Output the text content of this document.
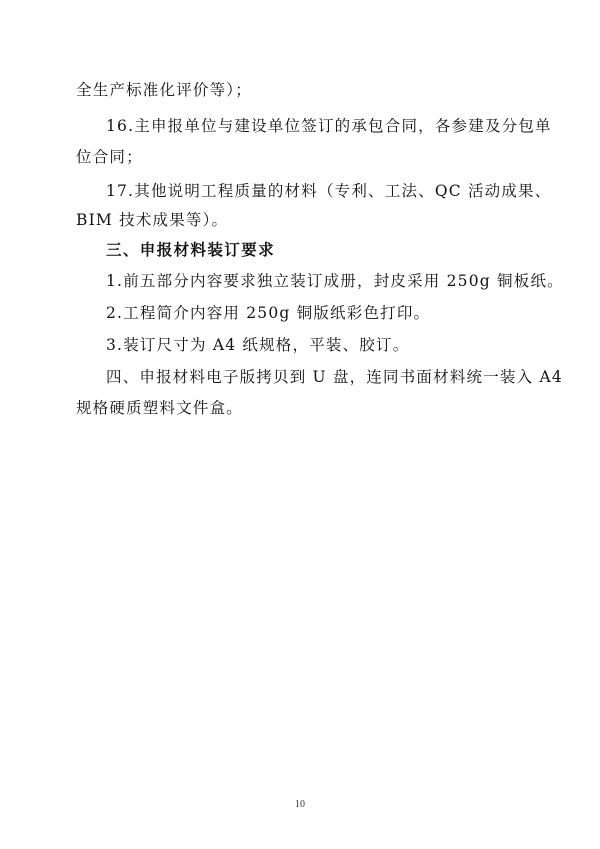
全生产标准化评价等）；
16.主申报单位与建设单位签订的承包合同，各参建及分包单
位合同；
17.其他说明工程质量的材料（专利、工法、QC 活动成果、
BIM 技术成果等）。
三、申报材料装订要求
1.前五部分内容要求独立装订成册，封皮采用 250g 铜板纸。
2.工程简介内容用 250g 铜版纸彩色打印。
3.装订尺寸为 A4 纸规格，平装、胶订。
四、申报材料电子版拷贝到 U 盘，连同书面材料统一装入 A4
规格硬质塑料文件盒。
10
